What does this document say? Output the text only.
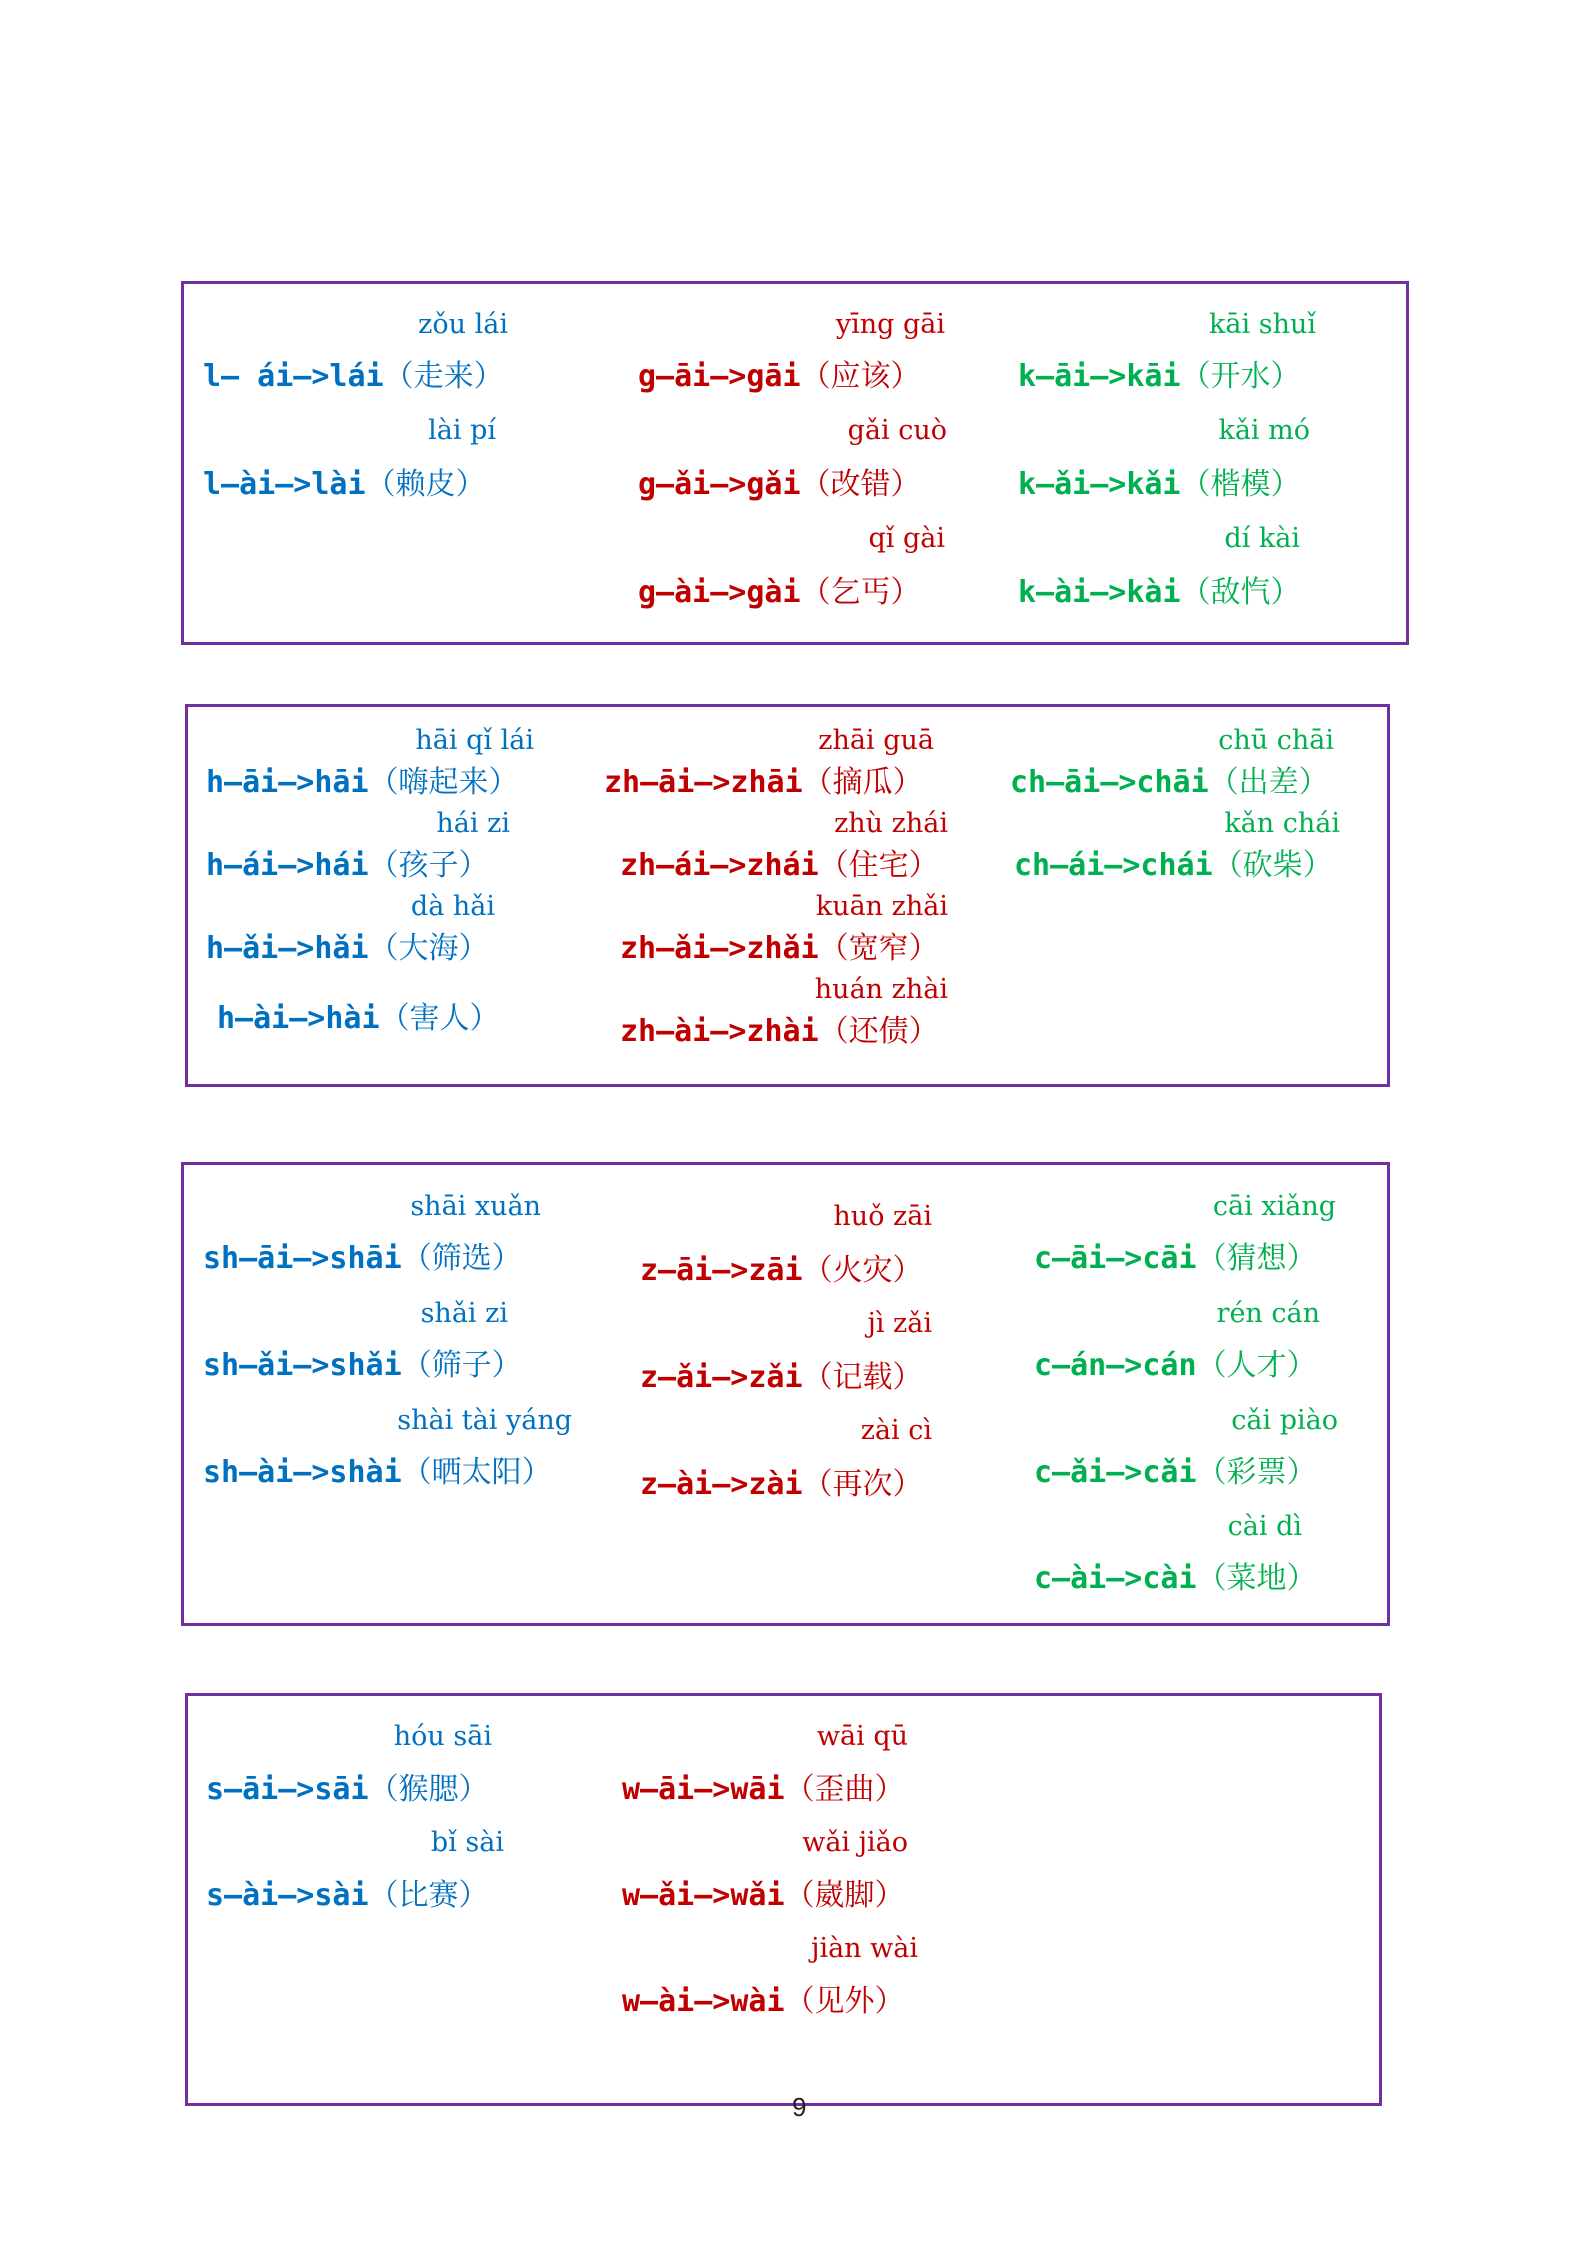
zǒu lái
l— ái—>lái（走来）
lài pí
l—ài—>lài（赖皮）
yīng gāi
g—āi—>gāi（应该）
gǎi cuò
g—ǎi—>gǎi（改错）
qǐ gài
g—ài—>gài（乞丐）
kāi shuǐ
k—āi—>kāi（开水）
kǎi mó
k—ǎi—>kǎi（楷模）
dí kài
k—ài—>kài（敌忾）
hāi qǐ lái
h—āi—>hāi（嗨起来）
hái zi
h—ái—>hái（孩子）
dà hǎi
h—ǎi—>hǎi（大海）
h—ài—>hài（害人）
zhāi guā
zh—āi—>zhāi（摘瓜）
zhù zhái
zh—ái—>zhái（住宅）
kuān zhǎi
zh—ǎi—>zhǎi（宽窄）
huán zhài
zh—ài—>zhài（还债）
chū chāi
ch—āi—>chāi（出差）
kǎn chái
ch—ái—>chái（砍柴）
shāi xuǎn
sh—āi—>shāi（筛选）
shǎi zi
sh—ǎi—>shǎi（筛子）
shài tài yáng
sh—ài—>shài（晒太阳）
huǒ zāi
z—āi—>zāi（火灾）
jì zǎi
z—ǎi—>zǎi（记载）
zài cì
z—ài—>zài（再次）
cāi xiǎng
c—āi—>cāi（猜想）
rén cán
c—án—>cán（人才）
cǎi piào
c—ǎi—>cǎi（彩票）
cài dì
c—ài—>cài（菜地）
hóu sāi
s—āi—>sāi（猴腮）
bǐ sài
s—ài—>sài（比赛）
wāi qū
w—āi—>wāi（歪曲）
wǎi jiǎo
w—ǎi—>wǎi（崴脚）
jiàn wài
w—ài—>wài（见外）
9
